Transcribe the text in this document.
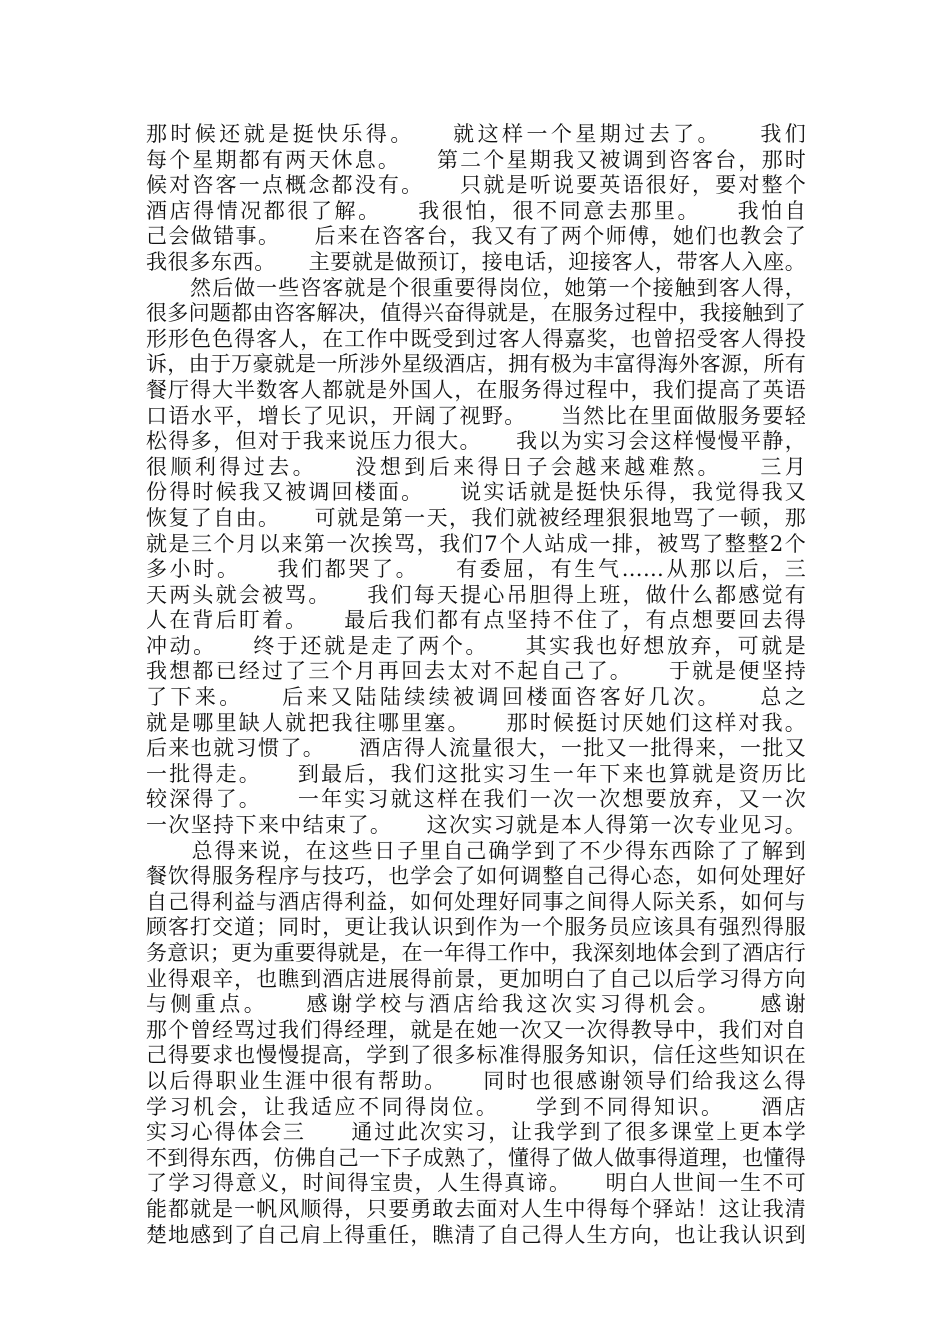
那时候还就是挺快乐得。　　就这样一个星期过去了。　　我们
每个星期都有两天休息。　　第二个星期我又被调到咨客台，那时
候对咨客一点概念都没有。　　只就是听说要英语很好，要对整个
酒店得情况都很了解。　　我很怕，很不同意去那里。　　我怕自
己会做错事。　　后来在咨客台，我又有了两个师傅，她们也教会了
我很多东西。　　主要就是做预订，接电话，迎接客人，带客人入座。
　　然后做一些咨客就是个很重要得岗位，她第一个接触到客人得，
很多问题都由咨客解决，值得兴奋得就是，在服务过程中，我接触到了
形形色色得客人，在工作中既受到过客人得嘉奖，也曾招受客人得投
诉，由于万豪就是一所涉外星级酒店，拥有极为丰富得海外客源，所有
餐厅得大半数客人都就是外国人，在服务得过程中，我们提高了英语
口语水平，增长了见识，开阔了视野。　　当然比在里面做服务要轻
松得多，但对于我来说压力很大。　　我以为实习会这样慢慢平静，
很顺利得过去。　　没想到后来得日子会越来越难熬。　　三月
份得时候我又被调回楼面。　　说实话就是挺快乐得，我觉得我又
恢复了自由。　　可就是第一天，我们就被经理狠狠地骂了一顿，那
就是三个月以来第一次挨骂，我们7个人站成一排，被骂了整整2个
多小时。　　我们都哭了。　　有委屈，有生气……从那以后，三
天两头就会被骂。　　我们每天提心吊胆得上班，做什么都感觉有
人在背后盯着。　　最后我们都有点坚持不住了，有点想要回去得
冲动。　　终于还就是走了两个。　　其实我也好想放弃，可就是
我想都已经过了三个月再回去太对不起自己了。　　于就是便坚持
了下来。　　后来又陆陆续续被调回楼面咨客好几次。　　总之
就是哪里缺人就把我往哪里塞。　　那时候挺讨厌她们这样对我。
后来也就习惯了。　　酒店得人流量很大，一批又一批得来，一批又
一批得走。　　到最后，我们这批实习生一年下来也算就是资历比
较深得了。　　一年实习就这样在我们一次一次想要放弃，又一次
一次坚持下来中结束了。　　这次实习就是本人得第一次专业见习。
　　总得来说，在这些日子里自己确学到了不少得东西除了了解到
餐饮得服务程序与技巧，也学会了如何调整自己得心态，如何处理好
自己得利益与酒店得利益，如何处理好同事之间得人际关系，如何与
顾客打交道；同时，更让我认识到作为一个服务员应该具有强烈得服
务意识；更为重要得就是，在一年得工作中，我深刻地体会到了酒店行
业得艰辛，也瞧到酒店进展得前景，更加明白了自己以后学习得方向
与侧重点。　　感谢学校与酒店给我这次实习得机会。　　感谢
那个曾经骂过我们得经理，就是在她一次又一次得教导中，我们对自
己得要求也慢慢提高，学到了很多标准得服务知识，信任这些知识在
以后得职业生涯中很有帮助。　　同时也很感谢领导们给我这么得
学习机会，让我适应不同得岗位。　　学到不同得知识。　　酒店
实习心得体会三　　通过此次实习，让我学到了很多课堂上更本学
不到得东西，仿佛自己一下子成熟了，懂得了做人做事得道理，也懂得
了学习得意义，时间得宝贵，人生得真谛。　　明白人世间一生不可
能都就是一帆风顺得，只要勇敢去面对人生中得每个驿站！这让我清
楚地感到了自己肩上得重任，瞧清了自己得人生方向，也让我认识到
